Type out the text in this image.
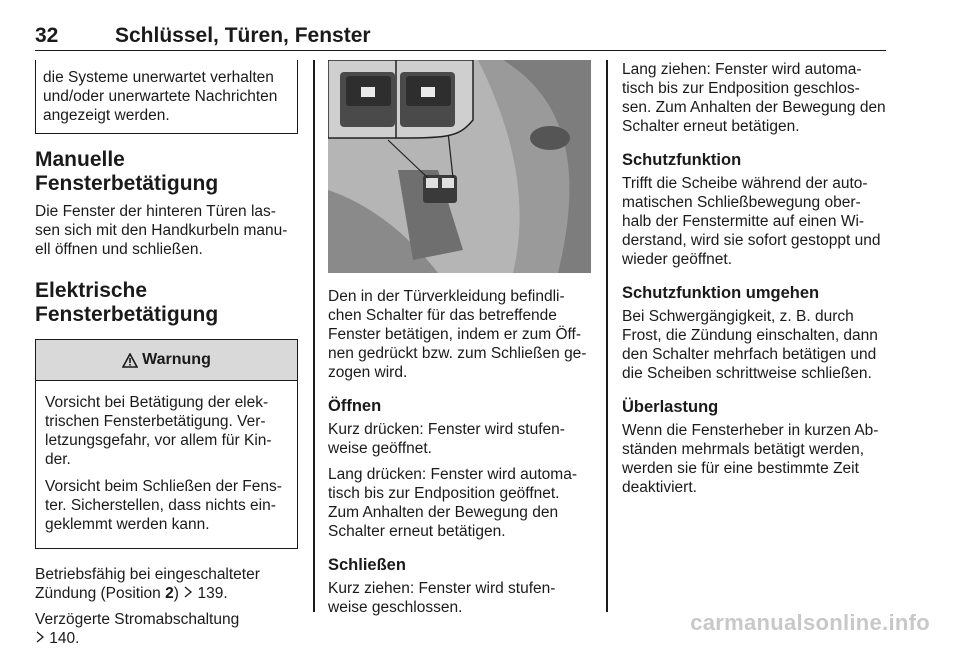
32	Schlüssel, Türen, Fenster

die Systeme unerwartet verhalten und/oder unerwartete Nachrichten angezeigt werden.

Manuelle Fensterbetätigung

Die Fenster der hinteren Türen las- sen sich mit den Handkurbeln manu- ell öffnen und schließen.

Elektrische Fensterbetätigung
Warnung

Vorsicht bei Betätigung der elek- trischen Fensterbetätigung. Ver- letzungsgefahr, vor allem für Kin- der.

Vorsicht beim Schließen der Fens- ter. Sicherstellen, dass nichts ein- geklemmt werden kann.

Betriebsfähig bei eingeschalteter Zündung (Position 2)  139.

Verzögerte Stromabschaltung
140.

Den in der Türverkleidung befindli- chen Schalter für das betreffende Fenster betätigen, indem er zum Öff- nen gedrückt bzw. zum Schließen ge- zogen wird.

Öffnen

Kurz drücken: Fenster wird stufen- weise geöffnet.

Lang drücken: Fenster wird automa- tisch bis zur Endposition geöffnet. Zum Anhalten der Bewegung den Schalter erneut betätigen.

Schließen

Kurz ziehen: Fenster wird stufen- weise geschlossen.

Lang ziehen: Fenster wird automa- tisch bis zur Endposition geschlos- sen. Zum Anhalten der Bewegung den Schalter erneut betätigen.

Schutzfunktion

Trifft die Scheibe während der auto- matischen Schließbewegung ober- halb der Fenstermitte auf einen Wi- derstand, wird sie sofort gestoppt und wieder geöffnet.

Schutzfunktion umgehen

Bei Schwergängigkeit, z. B. durch Frost, die Zündung einschalten, dann den Schalter mehrfach betätigen und die Scheiben schrittweise schließen.

Überlastung

Wenn die Fensterheber in kurzen Ab- ständen mehrmals betätigt werden, werden sie für eine bestimmte Zeit deaktiviert.

carmanualsonline.info
